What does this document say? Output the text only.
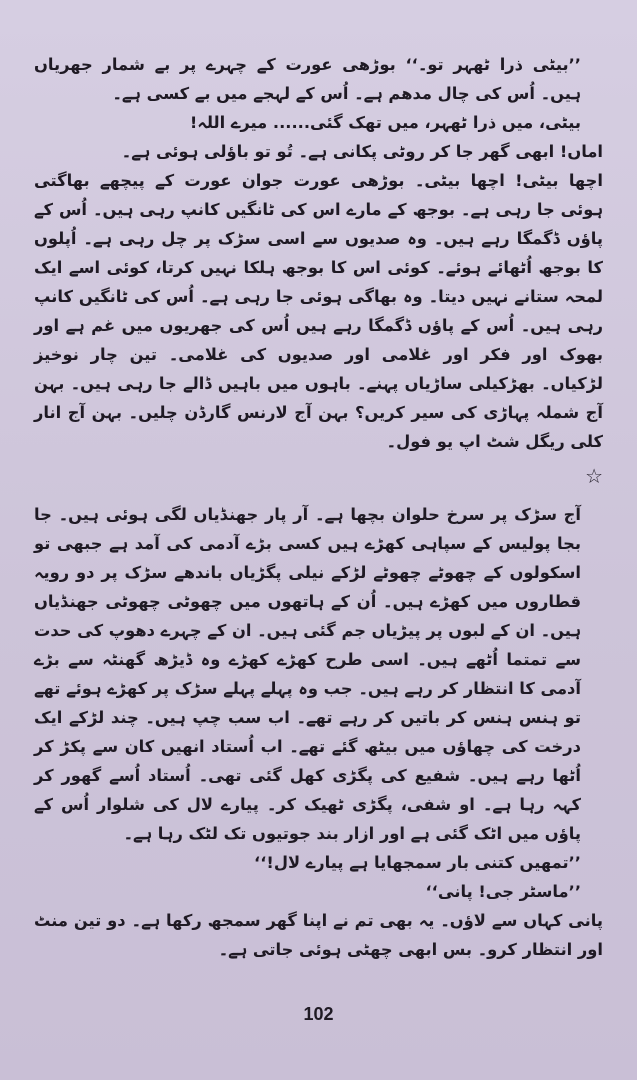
’’بیٹی ذرا ٹھہر تو۔‘‘ بوڑھی عورت کے چہرے پر بے شمار جھریاں ہیں۔ اُس کی چال مدھم ہے۔ اُس کے لہجے میں بے کسی ہے۔

بیٹی، میں ذرا ٹھہر، میں تھک گئی...... میرے اللہ!

اماں! ابھی گھر جا کر روٹی پکانی ہے۔ تُو تو باؤلی ہوئی ہے۔

اچھا بیٹی! اچھا بیٹی۔ بوڑھی عورت جوان عورت کے پیچھے بھاگتی ہوئی جا رہی ہے۔ بوجھ کے مارے اس کی ٹانگیں کانپ رہی ہیں۔ اُس کے پاؤں ڈگمگا رہے ہیں۔ وہ صدیوں سے اسی سڑک پر چل رہی ہے۔ اُپلوں کا بوجھ اُٹھائے ہوئے۔ کوئی اس کا بوجھ ہلکا نہیں کرتا، کوئی اسے ایک لمحہ ستانے نہیں دیتا۔ وہ بھاگی ہوئی جا رہی ہے۔ اُس کی ٹانگیں کانپ رہی ہیں۔ اُس کے پاؤں ڈگمگا رہے ہیں اُس کی جھریوں میں غم ہے اور بھوک اور فکر اور غلامی اور صدیوں کی غلامی۔ تین چار نوخیز لڑکیاں۔ بھڑکیلی ساڑیاں پہنے۔ باہوں میں باہیں ڈالے جا رہی ہیں۔ بہن آج شملہ پہاڑی کی سیر کریں؟ بہن آج لارنس گارڈن چلیں۔ بہن آج انار کلی ریگل شٹ اپ یو فول۔

☆

آج سڑک پر سرخ حلوان بچھا ہے۔ آر پار جھنڈیاں لگی ہوئی ہیں۔ جا بجا پولیس کے سپاہی کھڑے ہیں کسی بڑے آدمی کی آمد ہے جبھی تو اسکولوں کے چھوٹے چھوٹے لڑکے نیلی پگڑیاں باندھے سڑک پر دو رویہ قطاروں میں کھڑے ہیں۔ اُن کے ہاتھوں میں چھوٹی چھوٹی جھنڈیاں ہیں۔ ان کے لبوں پر پیڑیاں جم گئی ہیں۔ ان کے چہرے دھوپ کی حدت سے تمتما اُٹھے ہیں۔ اسی طرح کھڑے کھڑے وہ ڈیڑھ گھنٹہ سے بڑے آدمی کا انتظار کر رہے ہیں۔ جب وہ پہلے پہلے سڑک پر کھڑے ہوئے تھے تو ہنس ہنس کر باتیں کر رہے تھے۔ اب سب چپ ہیں۔ چند لڑکے ایک درخت کی چھاؤں میں بیٹھ گئے تھے۔ اب اُستاد انھیں کان سے پکڑ کر اُٹھا رہے ہیں۔ شفیع کی پگڑی کھل گئی تھی۔ اُستاد اُسے گھور کر کہہ رہا ہے۔ او شفی، پگڑی ٹھیک کر۔ پیارے لال کی شلوار اُس کے پاؤں میں اٹک گئی ہے اور ازار بند جوتیوں تک لٹک رہا ہے۔

’’تمھیں کتنی بار سمجھایا ہے پیارے لال!‘‘

’’ماسٹر جی! پانی‘‘

پانی کہاں سے لاؤں۔ یہ بھی تم نے اپنا گھر سمجھ رکھا ہے۔ دو تین منٹ اور انتظار کرو۔ بس ابھی چھٹی ہوئی جاتی ہے۔

102
